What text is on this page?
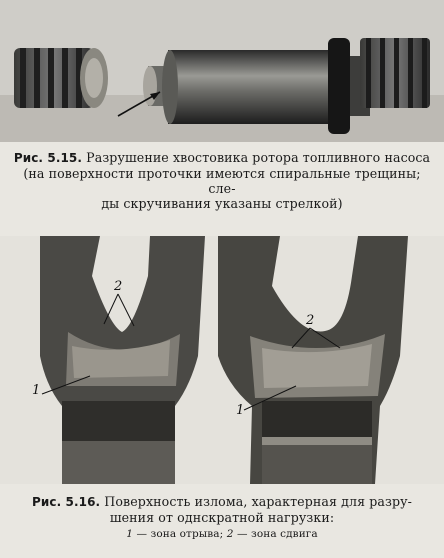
Рис. 5.15. Разрушение хвостовика ротора топливного насоса
(на поверхности проточки имеются спиральные трещины; сле-
ды скручивания указаны стрелкой)
1
2
1
2
Рис. 5.16. Поверхность излома, характерная для разру-
шения от однскратной нагрузки:
1 — зона отрыва; 2 — зона сдвига
